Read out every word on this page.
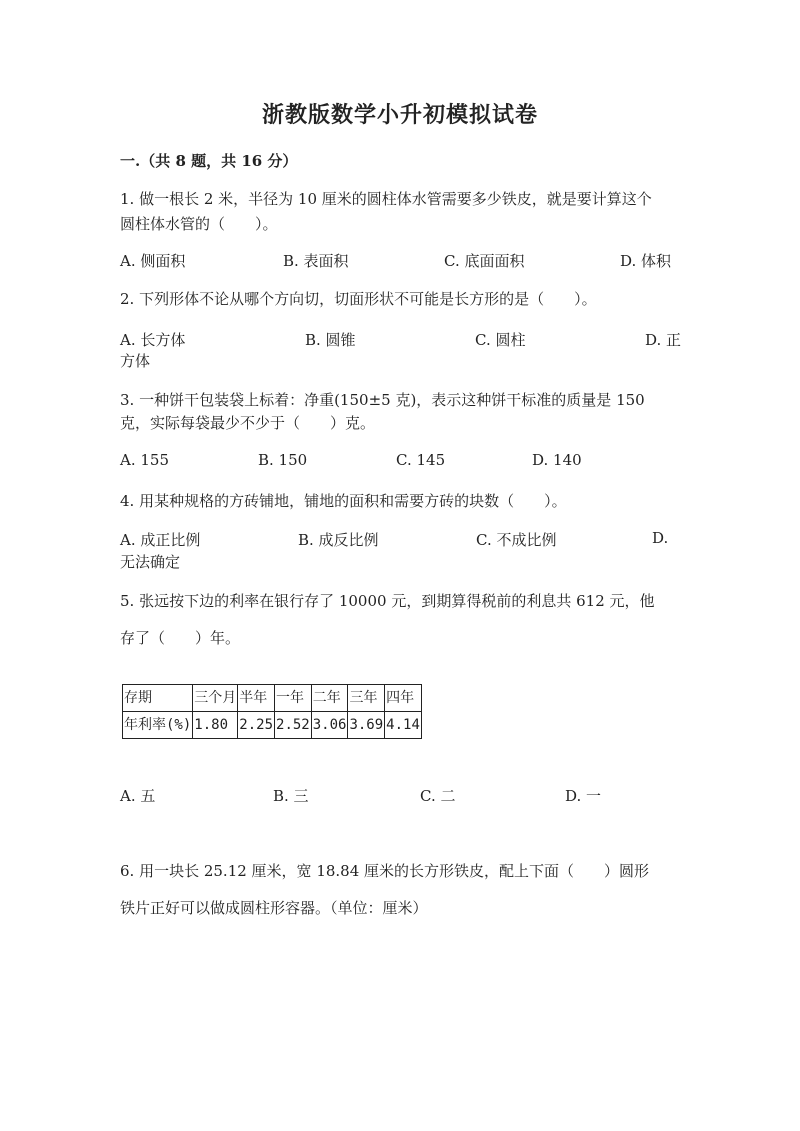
浙教版数学小升初模拟试卷
一.（共 8 题，共 16 分）
1. 做一根长 2 米，半径为 10 厘米的圆柱体水管需要多少铁皮，就是要计算这个
圆柱体水管的（　　）。
A. 侧面积	B. 表面积	C. 底面面积	D. 体积
2. 下列形体不论从哪个方向切，切面形状不可能是长方形的是（　　）。
A. 长方体	B. 圆锥	C. 圆柱	D. 正
方体
3. 一种饼干包装袋上标着：净重(150±5 克)，表示这种饼干标准的质量是 150
克，实际每袋最少不少于（　　）克。
A. 155	B. 150	C. 145	D. 140
4. 用某种规格的方砖铺地，铺地的面积和需要方砖的块数（　　）。
A. 成正比例	B. 成反比例	C. 不成比例	D.
无法确定
5. 张远按下边的利率在银行存了 10000 元，到期算得税前的利息共 612 元，他
存了（　　）年。
存期	三个月	半年	一年	二年	三年	四年
年利率(%)	1.80	2.25	2.52	3.06	3.69	4.14
A. 五	B. 三	C. 二	D. 一
6. 用一块长 25.12 厘米，宽 18.84 厘米的长方形铁皮，配上下面（　　）圆形
铁片正好可以做成圆柱形容器。（单位：厘米）
